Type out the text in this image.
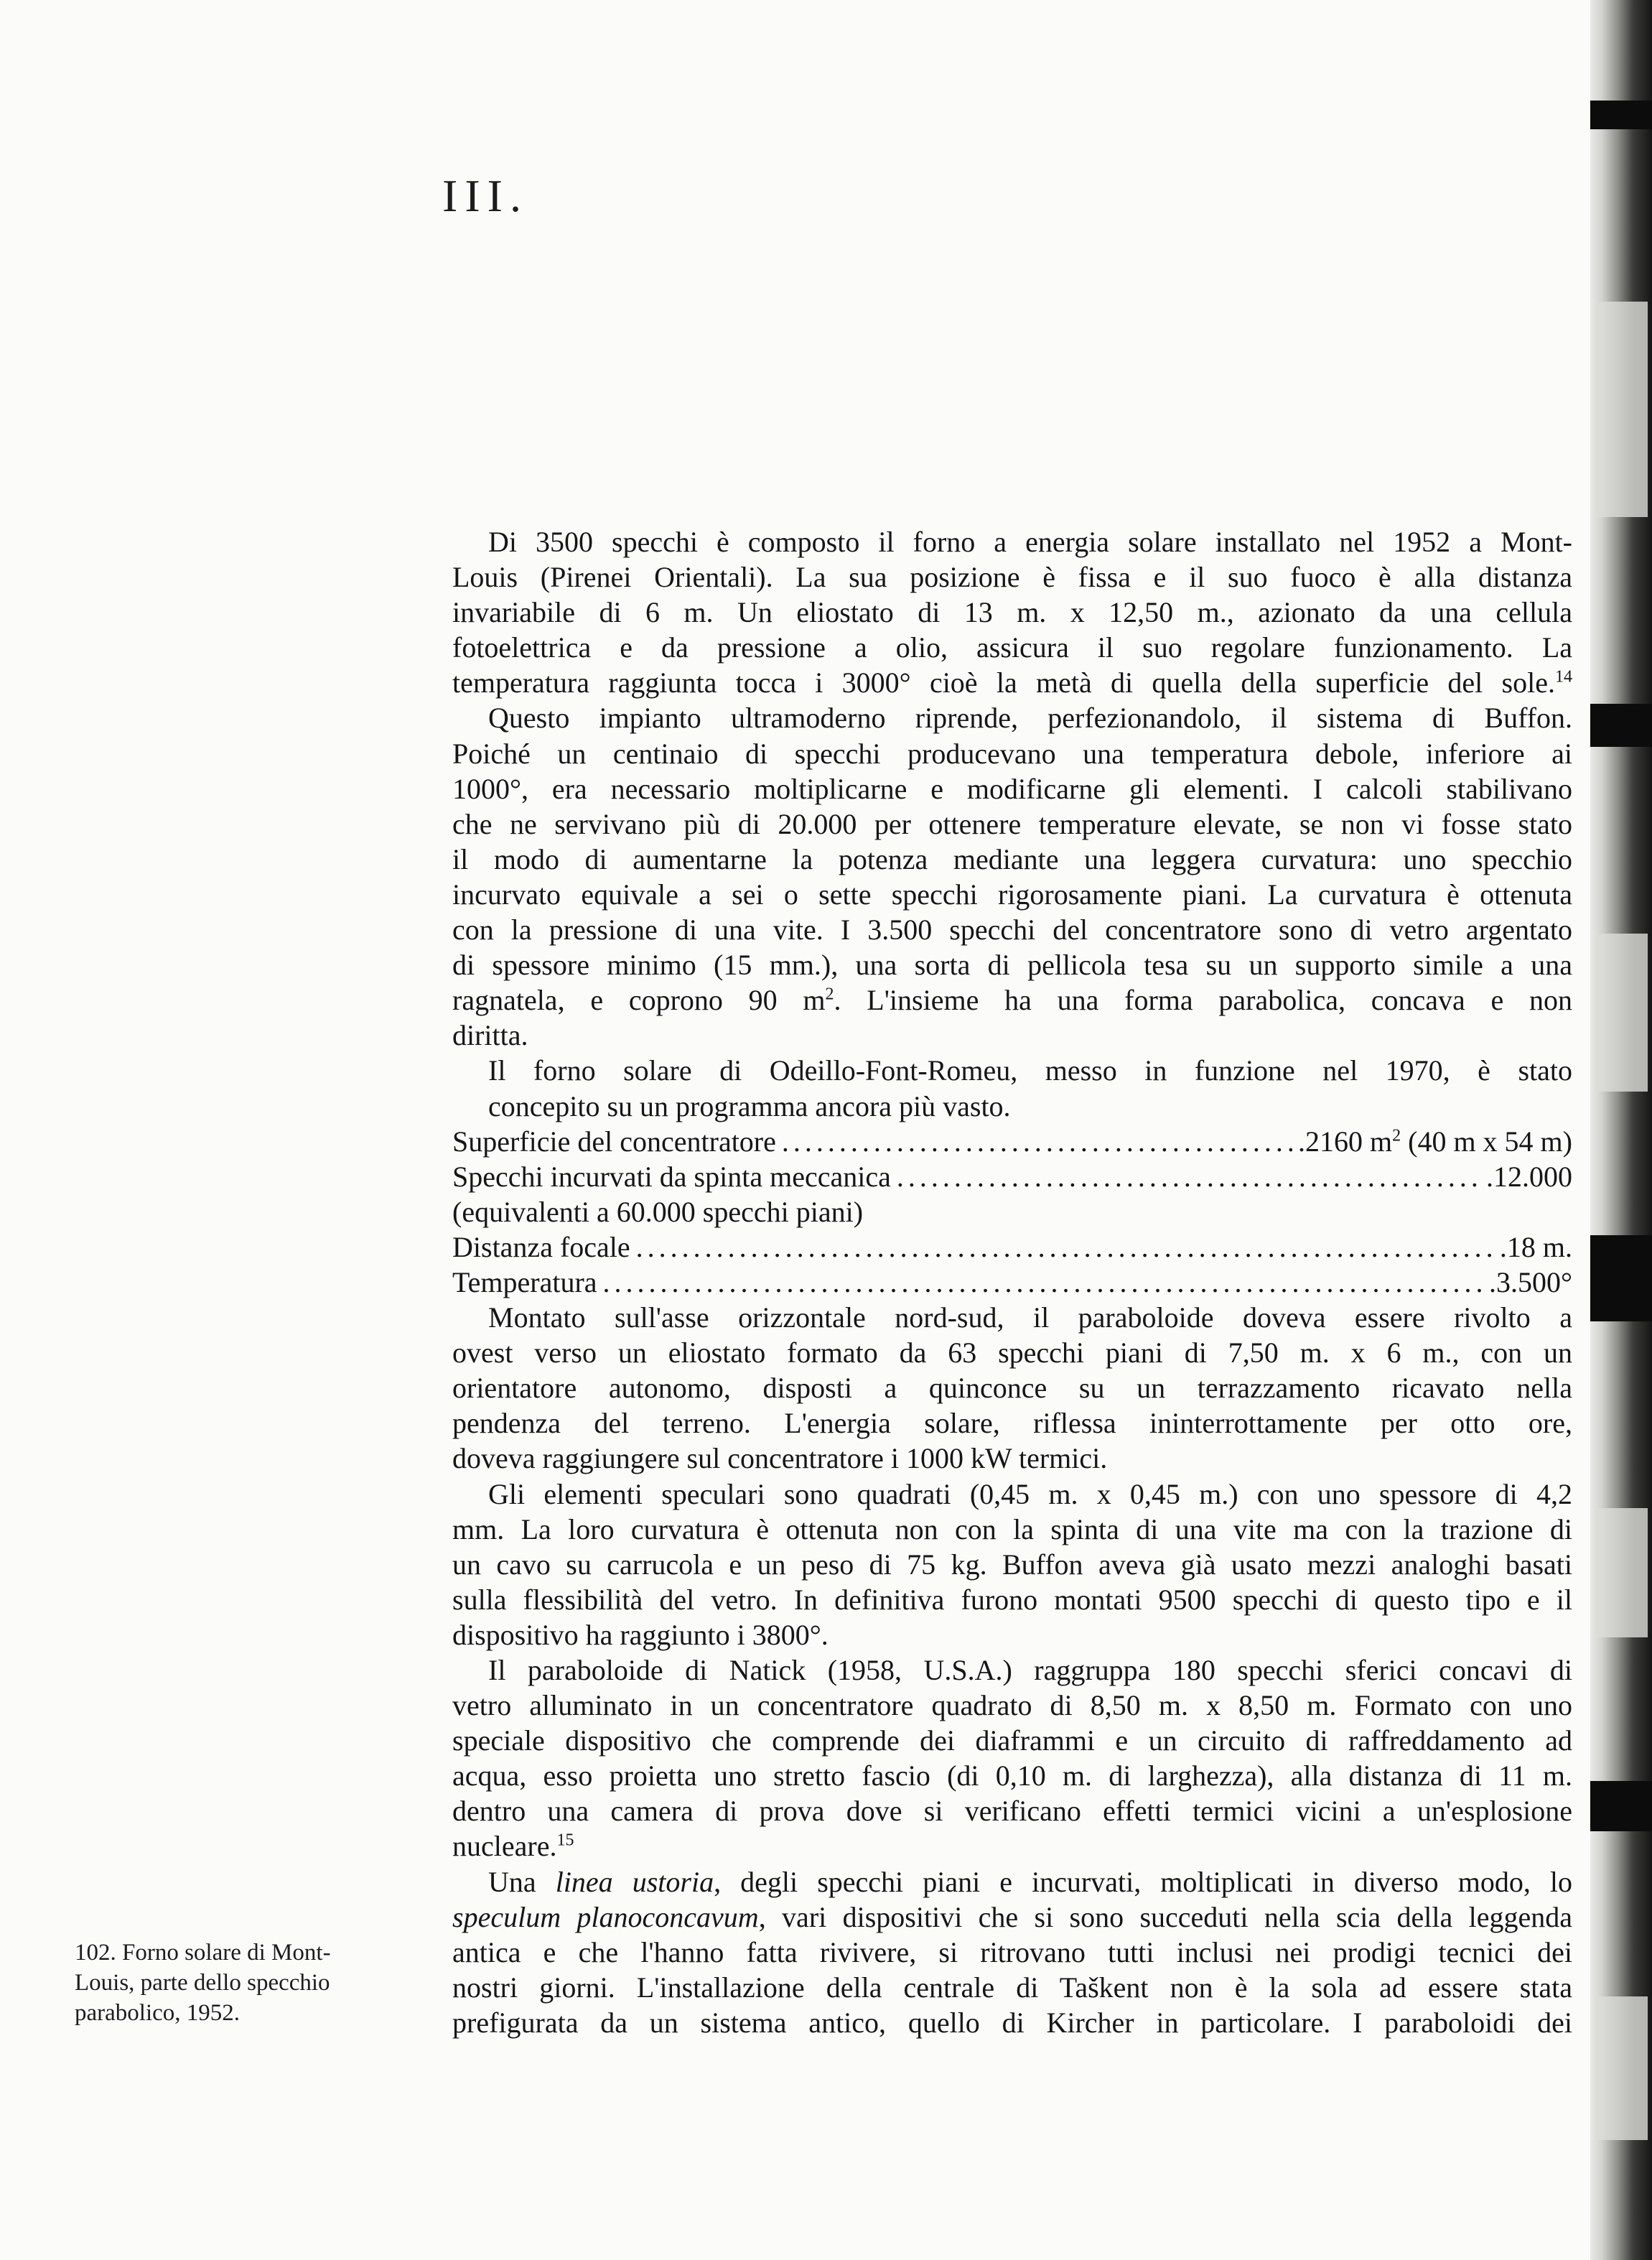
III.
102. Forno solare di Mont-
Louis, parte dello specchio
parabolico, 1952.
Di 3500 specchi è composto il forno a energia solare installato nel 1952 a Mont-
Louis (Pirenei Orientali). La sua posizione è fissa e il suo fuoco è alla distanza
invariabile di 6 m. Un eliostato di 13 m. x 12,50 m., azionato da una cellula
fotoelettrica e da pressione a olio, assicura il suo regolare funzionamento. La
temperatura raggiunta tocca i 3000° cioè la metà di quella della superficie del sole.$^{14}$
Questo impianto ultramoderno riprende, perfezionandolo, il sistema di Buffon.
Poiché un centinaio di specchi producevano una temperatura debole, inferiore ai
1000°, era necessario moltiplicarne e modificarne gli elementi. I calcoli stabilivano
che ne servivano più di 20.000 per ottenere temperature elevate, se non vi fosse stato
il modo di aumentarne la potenza mediante una leggera curvatura: uno specchio
incurvato equivale a sei o sette specchi rigorosamente piani. La curvatura è ottenuta
con la pressione di una vite. I 3.500 specchi del concentratore sono di vetro argentato
di spessore minimo (15 mm.), una sorta di pellicola tesa su un supporto simile a una
ragnatela, e coprono 90 $m^2$. L'insieme ha una forma parabolica, concava e non
diritta.
Il forno solare di Odeillo-Font-Romeu, messo in funzione nel 1970, è stato
concepito su un programma ancora più vasto.
Superficie del concentratore .....	.2160 $m^2$ (40 m x 54 m)
Specchi incurvati da spinta meccanica .....	.12.000
(equivalenti a 60.000 specchi piani)
Distanza focale .....	.18 m.
Temperatura .....	.3.500°
Montato sull'asse orizzontale nord-sud, il paraboloide doveva essere rivolto a
ovest verso un eliostato formato da 63 specchi piani di 7,50 m. x 6 m., con un
orientatore autonomo, disposti a quinconce su un terrazzamento ricavato nella
pendenza del terreno. L'energia solare, riflessa ininterrottamente per otto ore,
doveva raggiungere sul concentratore i 1000 kW termici.
Gli elementi speculari sono quadrati (0,45 m. x 0,45 m.) con uno spessore di 4,2
mm. La loro curvatura è ottenuta non con la spinta di una vite ma con la trazione di
un cavo su carrucola e un peso di 75 kg. Buffon aveva già usato mezzi analoghi basati
sulla flessibilità del vetro. In definitiva furono montati 9500 specchi di questo tipo e il
dispositivo ha raggiunto i 3800°.
Il paraboloide di Natick (1958, U.S.A.) raggruppa 180 specchi sferici concavi di
vetro alluminato in un concentratore quadrato di 8,50 m. x 8,50 m. Formato con uno
speciale dispositivo che comprende dei diaframmi e un circuito di raffreddamento ad
acqua, esso proietta uno stretto fascio (di 0,10 m. di larghezza), alla distanza di 11 m.
dentro una camera di prova dove si verificano effetti termici vicini a un'esplosione
nucleare.$^{15}$
Una linea ustoria, degli specchi piani e incurvati, moltiplicati in diverso modo, lo
speculum planoconcavum, vari dispositivi che si sono succeduti nella scia della leggenda
antica e che l'hanno fatta rivivere, si ritrovano tutti inclusi nei prodigi tecnici dei
nostri giorni. L'installazione della centrale di Taškent non è la sola ad essere stata
prefigurata da un sistema antico, quello di Kircher in particolare. I paraboloidi dei
